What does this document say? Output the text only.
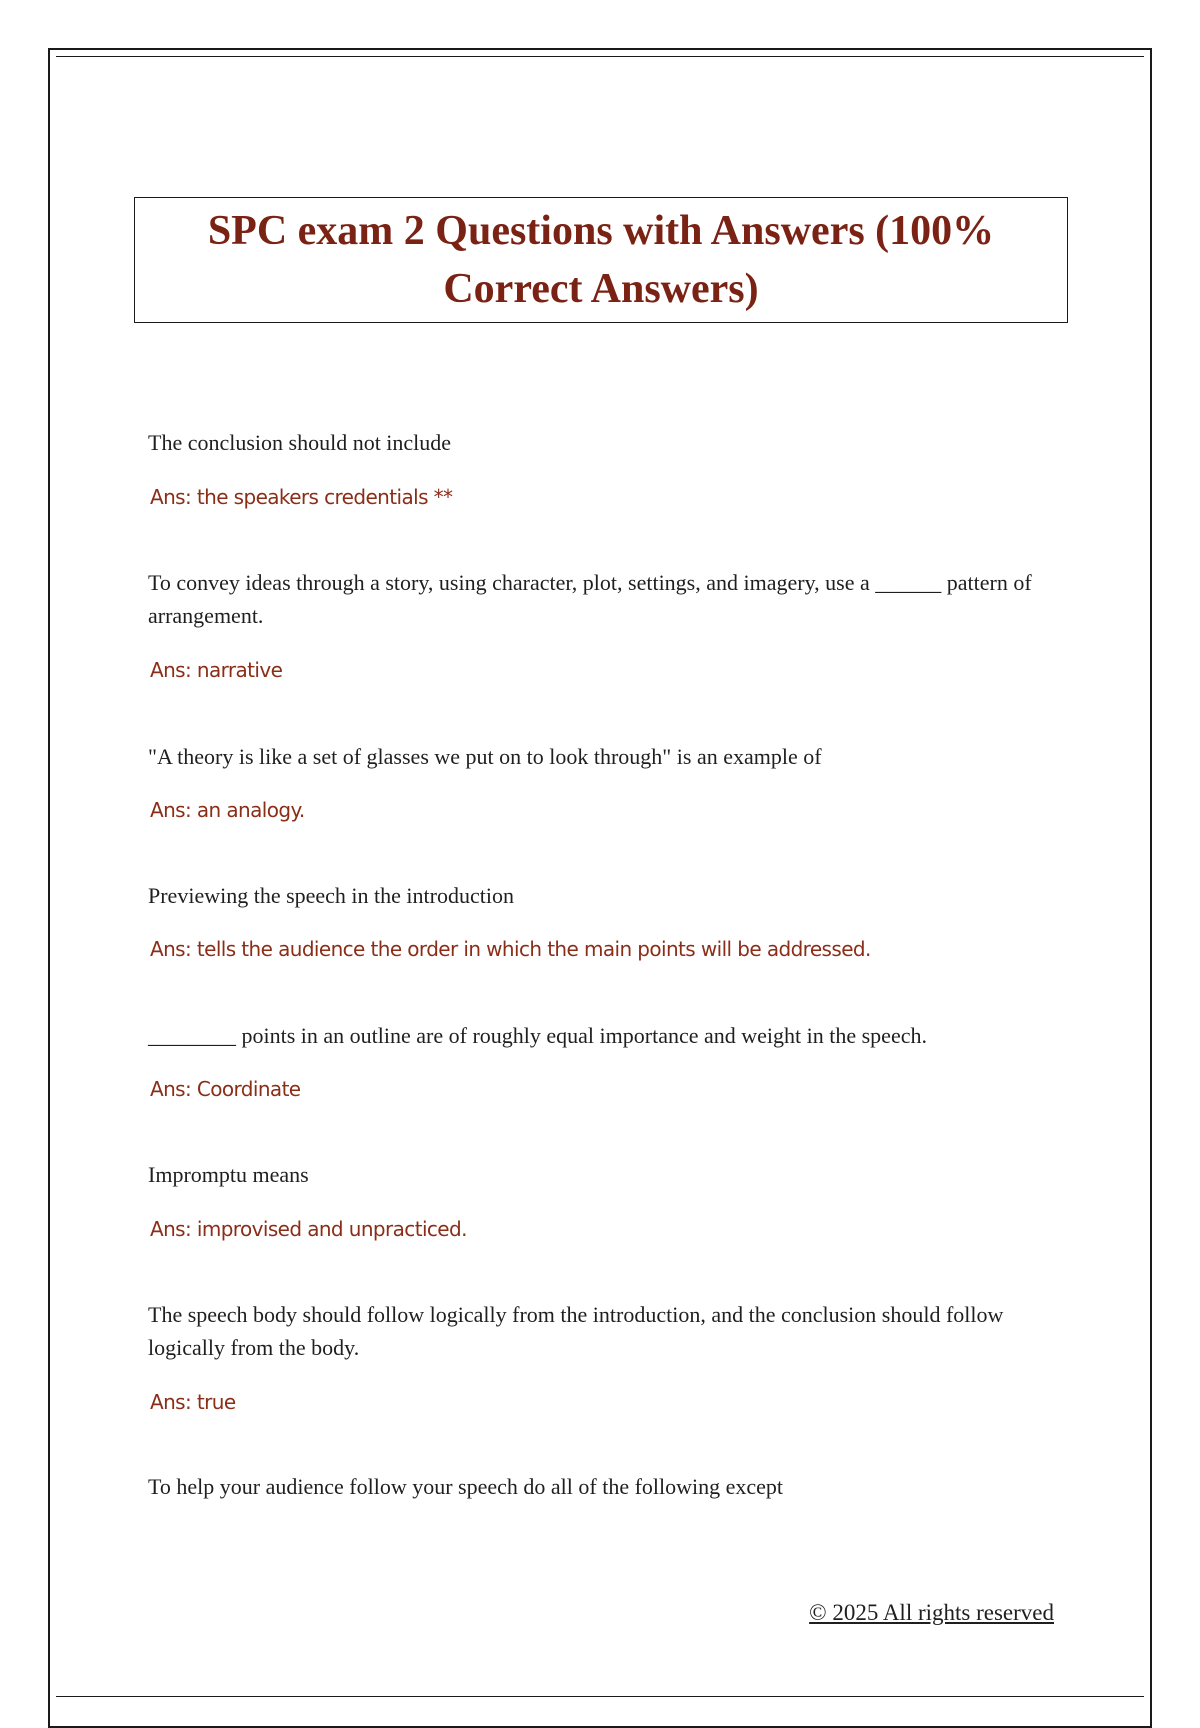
SPC exam 2 Questions with Answers (100% Correct Answers)

The conclusion should not include

Ans: the speakers credentials **

To convey ideas through a story, using character, plot, settings, and imagery, use a ______ pattern of arrangement.

Ans: narrative

"A theory is like a set of glasses we put on to look through" is an example of

Ans: an analogy.

Previewing the speech in the introduction

Ans: tells the audience the order in which the main points will be addressed.

________ points in an outline are of roughly equal importance and weight in the speech.

Ans: Coordinate

Impromptu means

Ans: improvised and unpracticed.

The speech body should follow logically from the introduction, and the conclusion should follow logically from the body.

Ans: true

To help your audience follow your speech do all of the following except

© 2025 All rights reserved
